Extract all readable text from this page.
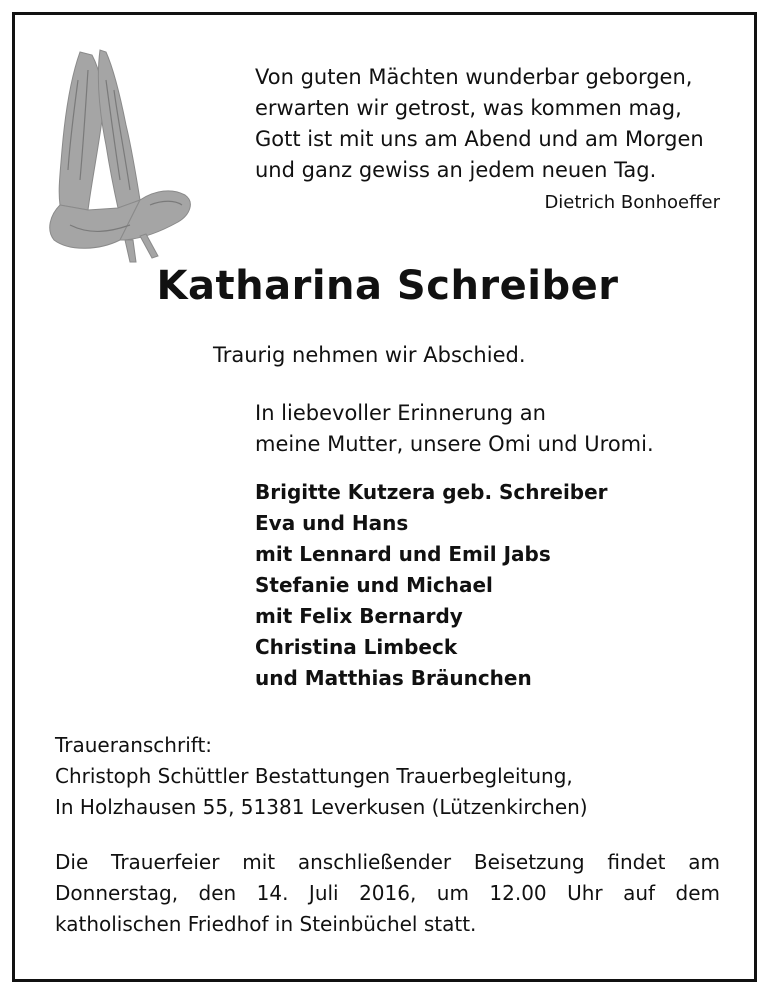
Von guten Mächten wunderbar geborgen,
erwarten wir getrost, was kommen mag,
Gott ist mit uns am Abend und am Morgen
und ganz gewiss an jedem neuen Tag.
Dietrich Bonhoeffer
Katharina Schreiber
Traurig nehmen wir Abschied.
In liebevoller Erinnerung an
meine Mutter, unsere Omi und Uromi.
Brigitte Kutzera geb. Schreiber
Eva und Hans
mit Lennard und Emil Jabs
Stefanie und Michael
mit Felix Bernardy
Christina Limbeck
und Matthias Bräunchen
Traueranschrift:
Christoph Schüttler Bestattungen Trauerbegleitung,
In Holzhausen 55, 51381 Leverkusen (Lützenkirchen)
Die Trauerfeier mit anschließender Beisetzung findet am Donnerstag, den 14. Juli 2016, um 12.00 Uhr auf dem katholischen Friedhof in Steinbüchel statt.
